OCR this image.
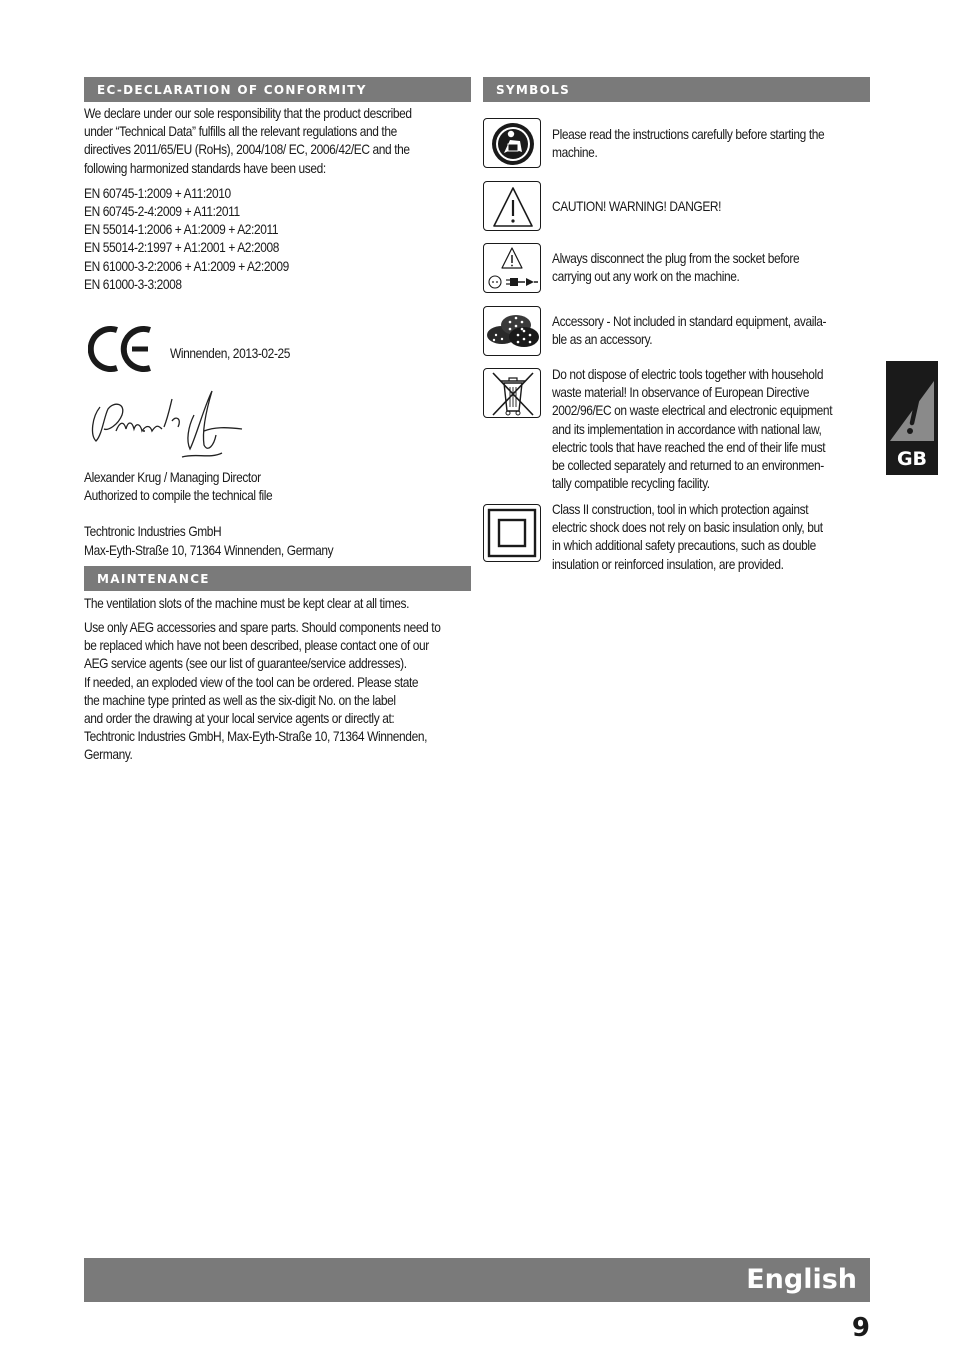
EC-DECLARATION OF CONFORMITY
We declare under our sole responsibility that the product described
under “Technical Data” fulfills all the relevant regulations and the
directives 2011/65/EU (RoHs), 2004/108/ EC, 2006/42/EC and the
following harmonized standards have been used:
EN 60745-1:2009 + A11:2010
EN 60745-2-4:2009 + A11:2011
EN 55014-1:2006 + A1:2009 + A2:2011
EN 55014-2:1997 + A1:2001 + A2:2008
EN 61000-3-2:2006 + A1:2009 + A2:2009
EN 61000-3-3:2008
Winnenden, 2013-02-25
Alexander Krug / Managing Director
Authorized to compile the technical file
Techtronic Industries GmbH
Max-Eyth-Straße 10, 71364 Winnenden, Germany
MAINTENANCE
The ventilation slots of the machine must be kept clear at all times.
Use only AEG accessories and spare parts. Should components need to
be replaced which have not been described, please contact one of our
AEG service agents (see our list of guarantee/service addresses).
If needed, an exploded view of the tool can be ordered. Please state
the machine type printed as well as the six-digit No. on the label
and order the drawing at your local service agents or directly at:
Techtronic Industries GmbH, Max-Eyth-Straße 10, 71364 Winnenden,
Germany.
SYMBOLS
Please read the instructions carefully before starting the
machine.
CAUTION! WARNING! DANGER!
Always disconnect the plug from the socket before
carrying out any work on the machine.
Accessory - Not included in standard equipment, availa-
ble as an accessory.
Do not dispose of electric tools together with household
waste material! In observance of European Directive
2002/96/EC on waste electrical and electronic equipment
and its implementation in accordance with national law,
electric tools that have reached the end of their life must
be collected separately and returned to an environmen-
tally compatible recycling facility.
Class II construction, tool in which protection against
electric shock does not rely on basic insulation only, but
in which additional safety precautions, such as double
insulation or reinforced insulation, are provided.
GB
English
9
